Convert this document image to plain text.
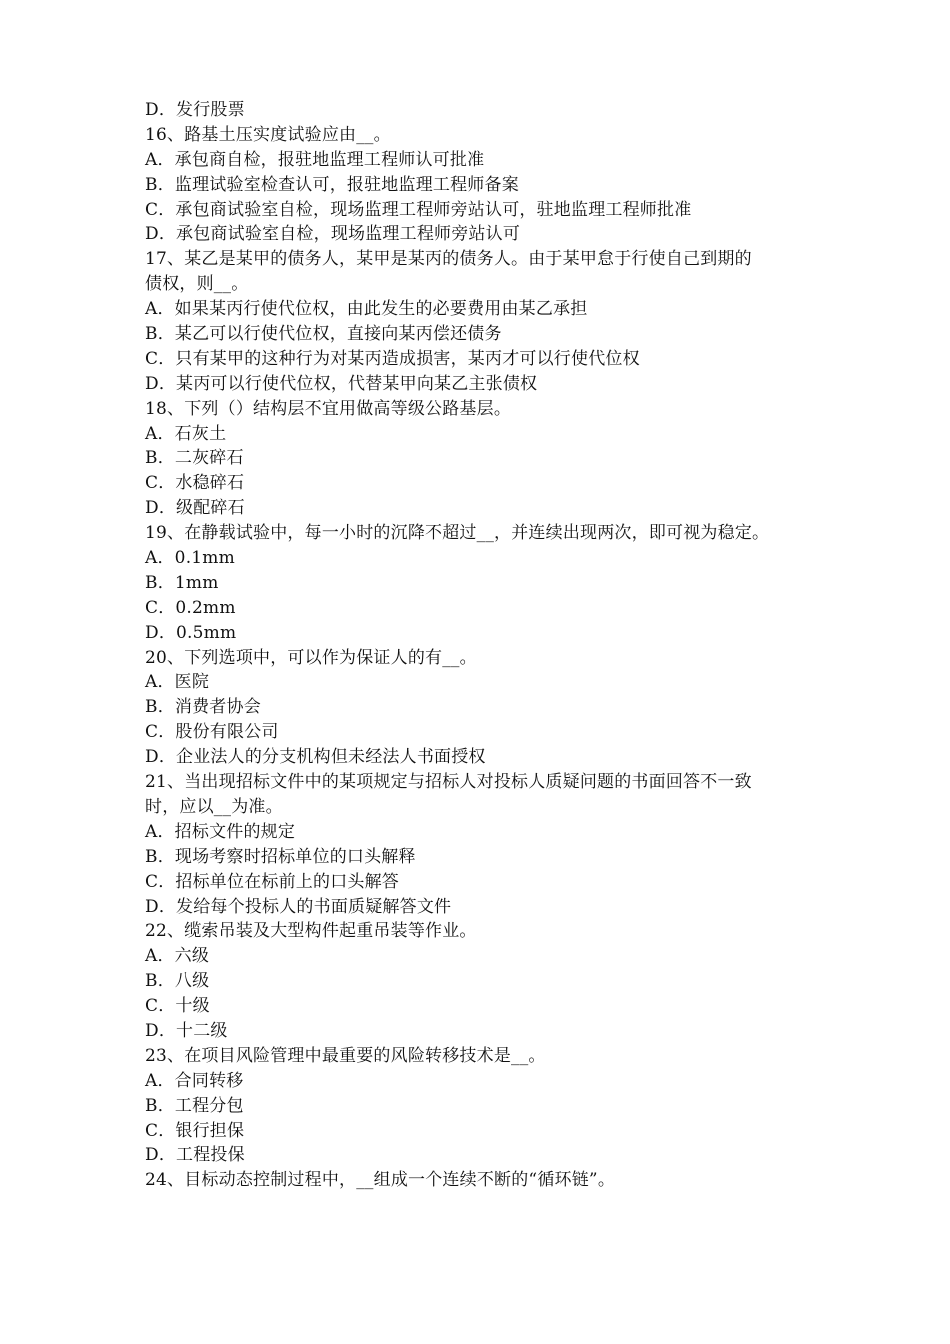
D．发行股票
16、路基土压实度试验应由__。
A．承包商自检，报驻地监理工程师认可批准
B．监理试验室检查认可，报驻地监理工程师备案
C．承包商试验室自检，现场监理工程师旁站认可，驻地监理工程师批准
D．承包商试验室自检，现场监理工程师旁站认可
17、某乙是某甲的债务人，某甲是某丙的债务人。由于某甲怠于行使自己到期的
债权，则__。
A．如果某丙行使代位权，由此发生的必要费用由某乙承担
B．某乙可以行使代位权，直接向某丙偿还债务
C．只有某甲的这种行为对某丙造成损害，某丙才可以行使代位权
D．某丙可以行使代位权，代替某甲向某乙主张债权
18、下列（）结构层不宜用做高等级公路基层。
A．石灰土
B．二灰碎石
C．水稳碎石
D．级配碎石
19、在静载试验中，每一小时的沉降不超过__，并连续出现两次，即可视为稳定。
A．0.1mm
B．1mm
C．0.2mm
D．0.5mm
20、下列选项中，可以作为保证人的有__。
A．医院
B．消费者协会
C．股份有限公司
D．企业法人的分支机构但未经法人书面授权
21、当出现招标文件中的某项规定与招标人对投标人质疑问题的书面回答不一致
时，应以__为准。
A．招标文件的规定
B．现场考察时招标单位的口头解释
C．招标单位在标前上的口头解答
D．发给每个投标人的书面质疑解答文件
22、缆索吊装及大型构件起重吊装等作业。
A．六级
B．八级
C．十级
D．十二级
23、在项目风险管理中最重要的风险转移技术是__。
A．合同转移
B．工程分包
C．银行担保
D．工程投保
24、目标动态控制过程中，__组成一个连续不断的“循环链”。
